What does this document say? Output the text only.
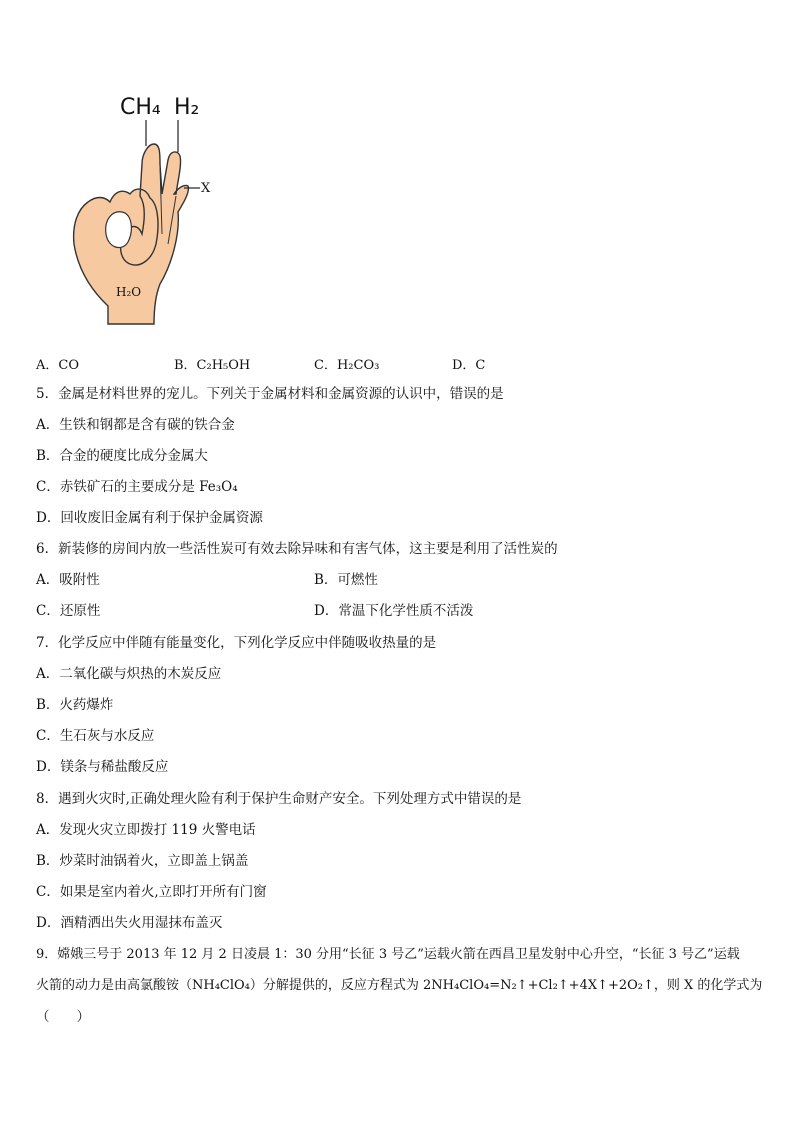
CH₄ H₂
X
H₂O
A．CO	B．C₂H₅OH	C．H₂CO₃	D．C
5．金属是材料世界的宠儿。下列关于金属材料和金属资源的认识中，错误的是
A．生铁和钢都是含有碳的铁合金
B．合金的硬度比成分金属大
C．赤铁矿石的主要成分是 Fe₃O₄
D．回收废旧金属有利于保护金属资源
6．新装修的房间内放一些活性炭可有效去除异味和有害气体，这主要是利用了活性炭的
A．吸附性	B．可燃性
C．还原性	D．常温下化学性质不活泼
7．化学反应中伴随有能量变化，下列化学反应中伴随吸收热量的是
A．二氧化碳与炽热的木炭反应
B．火药爆炸
C．生石灰与水反应
D．镁条与稀盐酸反应
8．遇到火灾时,正确处理火险有利于保护生命财产安全。下列处理方式中错误的是
A．发现火灾立即拨打 119 火警电话
B．炒菜时油锅着火，立即盖上锅盖
C．如果是室内着火,立即打开所有门窗
D．酒精洒出失火用湿抹布盖灭
9．嫦娥三号于 2013 年 12 月 2 日凌晨 1：30 分用“长征 3 号乙”运载火箭在西昌卫星发射中心升空，“长征 3 号乙”运载
火箭的动力是由高氯酸铵（NH₄ClO₄）分解提供的，反应方程式为 2NH₄ClO₄=N₂↑+Cl₂↑+4X↑+2O₂↑，则 X 的化学式为
（　　）
